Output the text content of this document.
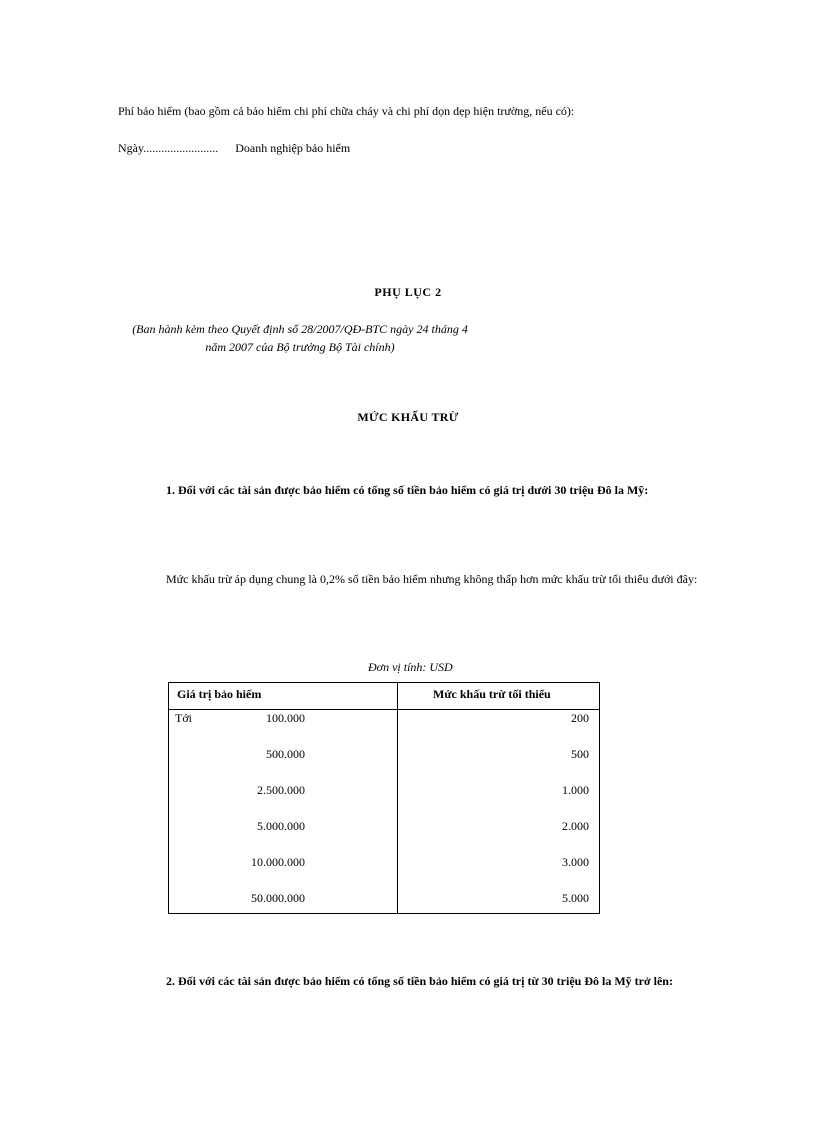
Phí bảo hiểm (bao gồm cả bảo hiểm chi phí chữa cháy và chi phí dọn dẹp hiện trường, nếu có):
Ngày......................... Doanh nghiệp bảo hiểm
PHỤ LỤC 2
(Ban hành kèm theo Quyết định số 28/2007/QĐ-BTC ngày 24 tháng 4 năm 2007 của Bộ trưởng Bộ Tài chính)
MỨC KHẤU TRỪ
1. Đối với các tài sản được bảo hiểm có tổng số tiền bảo hiểm có giá trị dưới 30 triệu Đô la Mỹ:
Mức khấu trừ áp dụng chung là 0,2% số tiền bảo hiểm nhưng không thấp hơn mức khấu trừ tối thiểu dưới đây:
Đơn vị tính: USD
Giá trị bảo hiểm	Mức khấu trừ tối thiểu
Tới	100.000	200
500.000	500
2.500.000	1.000
5.000.000	2.000
10.000.000	3.000
50.000.000	5.000
2. Đối với các tài sản được bảo hiểm có tổng số tiền bảo hiểm có giá trị từ 30 triệu Đô la Mỹ trở lên:
